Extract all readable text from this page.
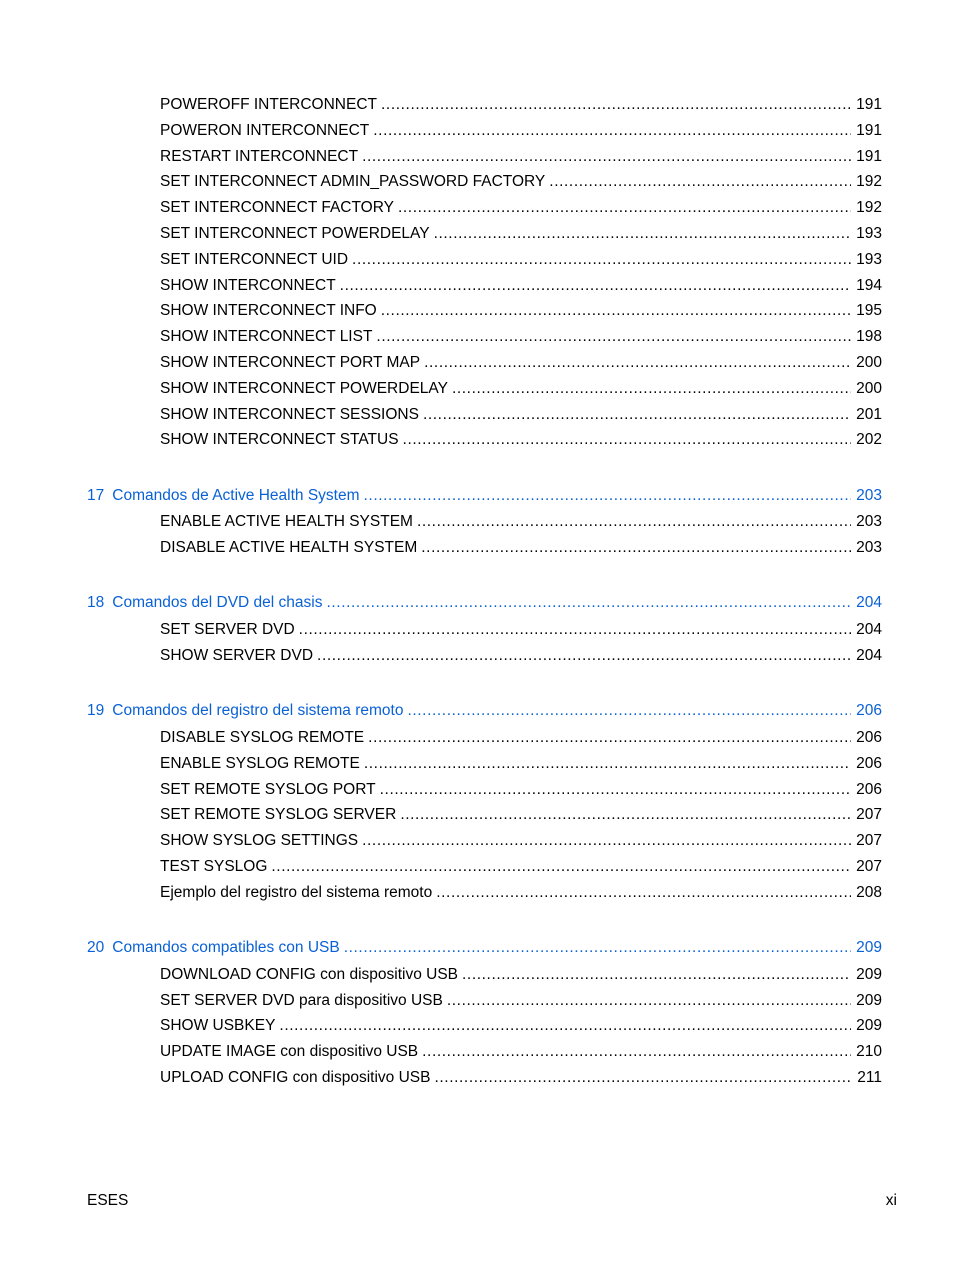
POWEROFF INTERCONNECT .....	191
POWERON INTERCONNECT .....	191
RESTART INTERCONNECT .....	191
SET INTERCONNECT ADMIN_PASSWORD FACTORY .....	192
SET INTERCONNECT FACTORY .....	192
SET INTERCONNECT POWERDELAY .....	193
SET INTERCONNECT UID .....	193
SHOW INTERCONNECT .....	194
SHOW INTERCONNECT INFO .....	195
SHOW INTERCONNECT LIST .....	198
SHOW INTERCONNECT PORT MAP .....	200
SHOW INTERCONNECT POWERDELAY .....	200
SHOW INTERCONNECT SESSIONS .....	201
SHOW INTERCONNECT STATUS .....	202
17 Comandos de Active Health System .....	203
ENABLE ACTIVE HEALTH SYSTEM .....	203
DISABLE ACTIVE HEALTH SYSTEM .....	203
18 Comandos del DVD del chasis .....	204
SET SERVER DVD .....	204
SHOW SERVER DVD .....	204
19 Comandos del registro del sistema remoto .....	206
DISABLE SYSLOG REMOTE .....	206
ENABLE SYSLOG REMOTE .....	206
SET REMOTE SYSLOG PORT .....	206
SET REMOTE SYSLOG SERVER .....	207
SHOW SYSLOG SETTINGS .....	207
TEST SYSLOG .....	207
Ejemplo del registro del sistema remoto .....	208
20 Comandos compatibles con USB .....	209
DOWNLOAD CONFIG con dispositivo USB .....	209
SET SERVER DVD para dispositivo USB .....	209
SHOW USBKEY .....	209
UPDATE IMAGE con dispositivo USB .....	210
UPLOAD CONFIG con dispositivo USB .....	211
ESES	xi
